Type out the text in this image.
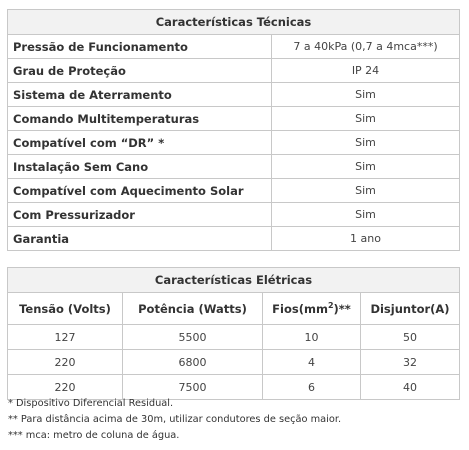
Características Técnicas	
Pressão de Funcionamento	7 a 40kPa (0,7 a 4mca***)
Grau de Proteção	IP 24
Sistema de Aterramento	Sim
Comando Multitemperaturas	Sim
Compatível com “DR” *	Sim
Instalação Sem Cano	Sim
Compatível com Aquecimento Solar	Sim
Com Pressurizador	Sim
Garantia	1 ano
Características Elétricas			
Tensão (Volts)	Potência (Watts)	$Fios(mm^2)**$	Disjuntor(A)
127	5500	10	50
220	6800	4	32
220	7500	6	40
* Dispositivo Diferencial Residual.
** Para distância acima de 30m, utilizar condutores de seção maior.
*** mca: metro de coluna de água.
